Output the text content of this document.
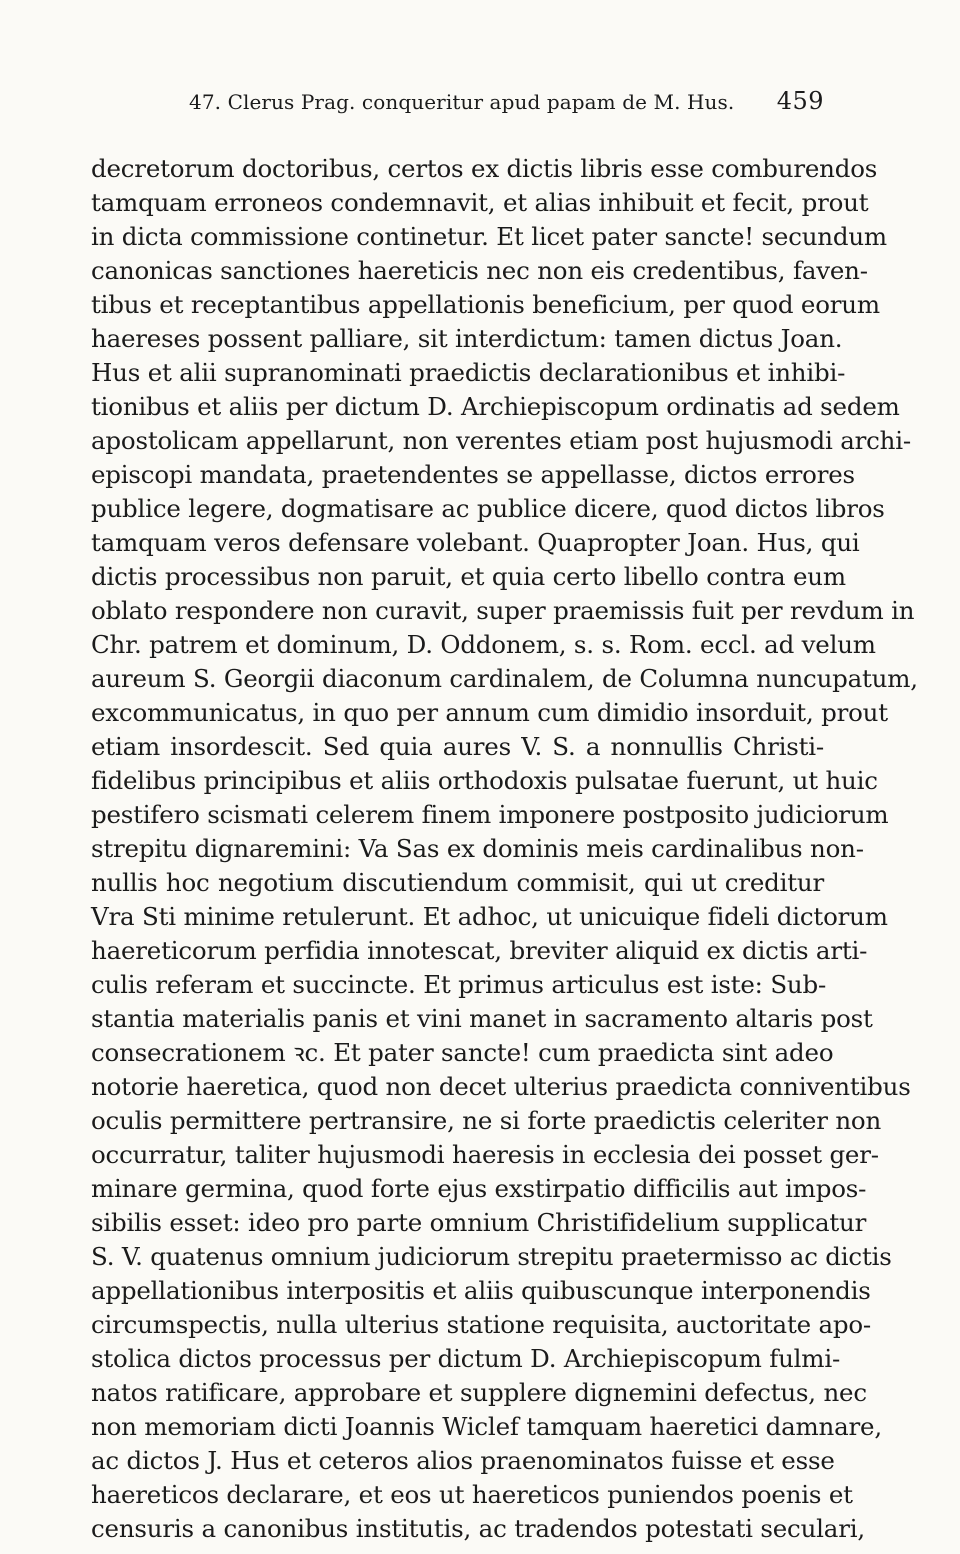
47. Clerus Prag. conqueritur apud papam de M. Hus. 459
decretorum doctoribus, certos ex dictis libris esse comburendos
tamquam erroneos condemnavit, et alias inhibuit et fecit, prout
in dicta commissione continetur. Et licet pater sancte! secundum
canonicas sanctiones haereticis nec non eis credentibus, faven-
tibus et receptantibus appellationis beneficium, per quod eorum
haereses possent palliare, sit interdictum: tamen dictus Joan.
Hus et alii supranominati praedictis declarationibus et inhibi-
tionibus et aliis per dictum D. Archiepiscopum ordinatis ad sedem
apostolicam appellarunt, non verentes etiam post hujusmodi archi-
episcopi mandata, praetendentes se appellasse, dictos errores
publice legere, dogmatisare ac publice dicere, quod dictos libros
tamquam veros defensare volebant. Quapropter Joan. Hus, qui
dictis processibus non paruit, et quia certo libello contra eum
oblato respondere non curavit, super praemissis fuit per revdum in
Chr. patrem et dominum, D. Oddonem, s. s. Rom. eccl. ad velum
aureum S. Georgii diaconum cardinalem, de Columna nuncupatum,
excommunicatus, in quo per annum cum dimidio insorduit, prout
etiam insordescit. Sed quia aures V. S. a nonnullis Christi-
fidelibus principibus et aliis orthodoxis pulsatae fuerunt, ut huic
pestifero scismati celerem finem imponere postposito judiciorum
strepitu dignaremini: Va Sas ex dominis meis cardinalibus non-
nullis hoc negotium discutiendum commisit, qui ut creditur
Vra Sti minime retulerunt. Et adhoc, ut unicuique fideli dictorum
haereticorum perfidia innotescat, breviter aliquid ex dictis arti-
culis referam et succincte. Et primus articulus est iste: Sub-
stantia materialis panis et vini manet in sacramento altaris post
consecrationem ꝛc. Et pater sancte! cum praedicta sint adeo
notorie haeretica, quod non decet ulterius praedicta conniventibus
oculis permittere pertransire, ne si forte praedictis celeriter non
occurratur, taliter hujusmodi haeresis in ecclesia dei posset ger-
minare germina, quod forte ejus exstirpatio difficilis aut impos-
sibilis esset: ideo pro parte omnium Christifidelium supplicatur
S. V. quatenus omnium judiciorum strepitu praetermisso ac dictis
appellationibus interpositis et aliis quibuscunque interponendis
circumspectis, nulla ulterius statione requisita, auctoritate apo-
stolica dictos processus per dictum D. Archiepiscopum fulmi-
natos ratificare, approbare et supplere dignemini defectus, nec
non memoriam dicti Joannis Wiclef tamquam haeretici damnare,
ac dictos J. Hus et ceteros alios praenominatos fuisse et esse
haereticos declarare, et eos ut haereticos puniendos poenis et
censuris a canonibus institutis, ac tradendos potestati seculari,
